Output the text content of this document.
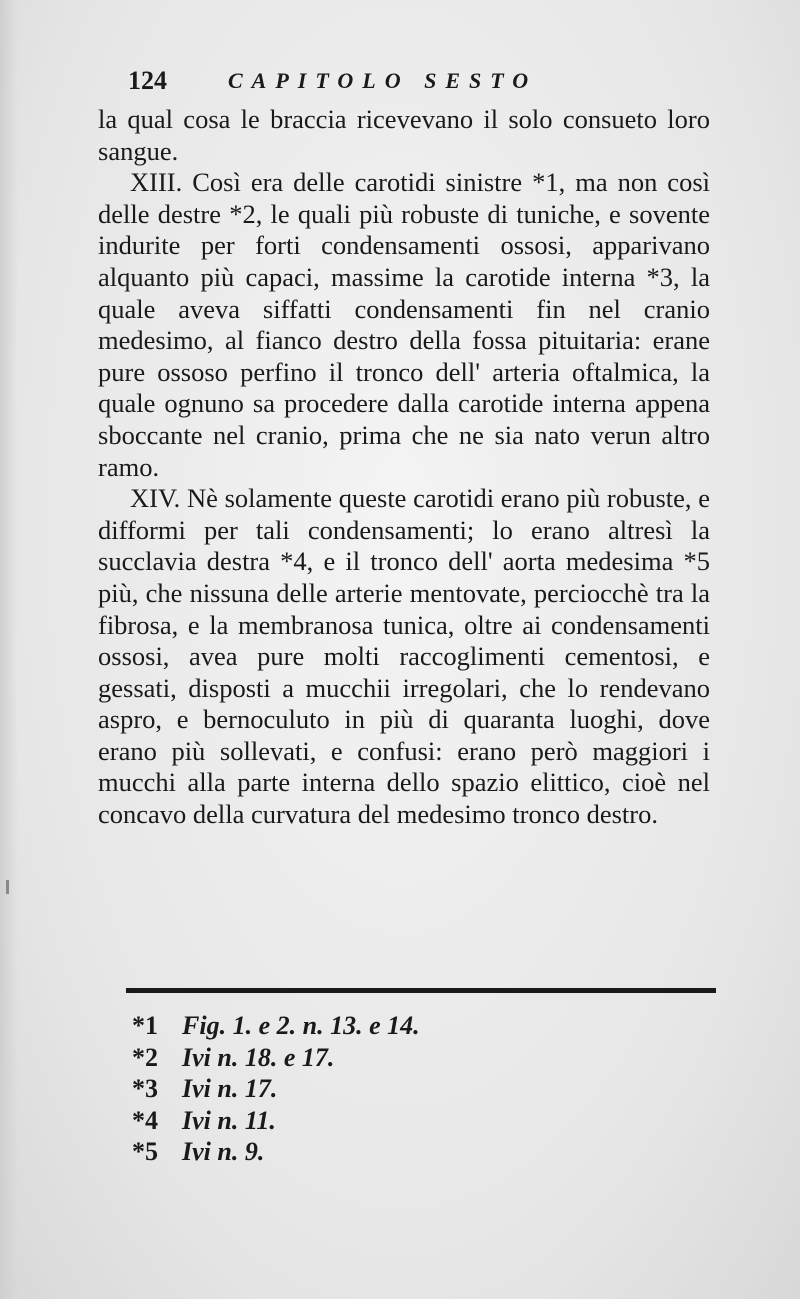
124	CAPITOLO SESTO

la qual cosa le braccia ricevevano il solo consueto loro sangue.

XIII. Così era delle carotidi sinistre *1, ma non così delle destre *2, le quali più robuste di tuniche, e sovente indurite per forti condensamenti ossosi, apparivano alquanto più capaci, massime la carotide interna *3, la quale aveva siffatti condensamenti fin nel cranio medesimo, al fianco destro della fossa pituitaria: erane pure ossoso perfino il tronco dell' arteria oftalmica, la quale ognuno sa procedere dalla carotide interna appena sboccante nel cranio, prima che ne sia nato verun altro ramo.

XIV. Nè solamente queste carotidi erano più robuste, e difformi per tali condensamenti; lo erano altresì la succlavia destra *4, e il tronco dell' aorta medesima *5 più, che nissuna delle arterie mentovate, perciocchè tra la fibrosa, e la membranosa tunica, oltre ai condensamenti ossosi, avea pure molti raccoglimenti cementosi, e gessati, disposti a mucchii irregolari, che lo rendevano aspro, e bernoculuto in più di quaranta luoghi, dove erano più sollevati, e confusi: erano però maggiori i mucchi alla parte interna dello spazio elittico, cioè nel concavo della curvatura del medesimo tronco destro.

*1 Fig. 1. e 2. n. 13. e 14.
*2 Ivi n. 18. e 17.
*3 Ivi n. 17.
*4 Ivi n. 11.
*5 Ivi n. 9.
